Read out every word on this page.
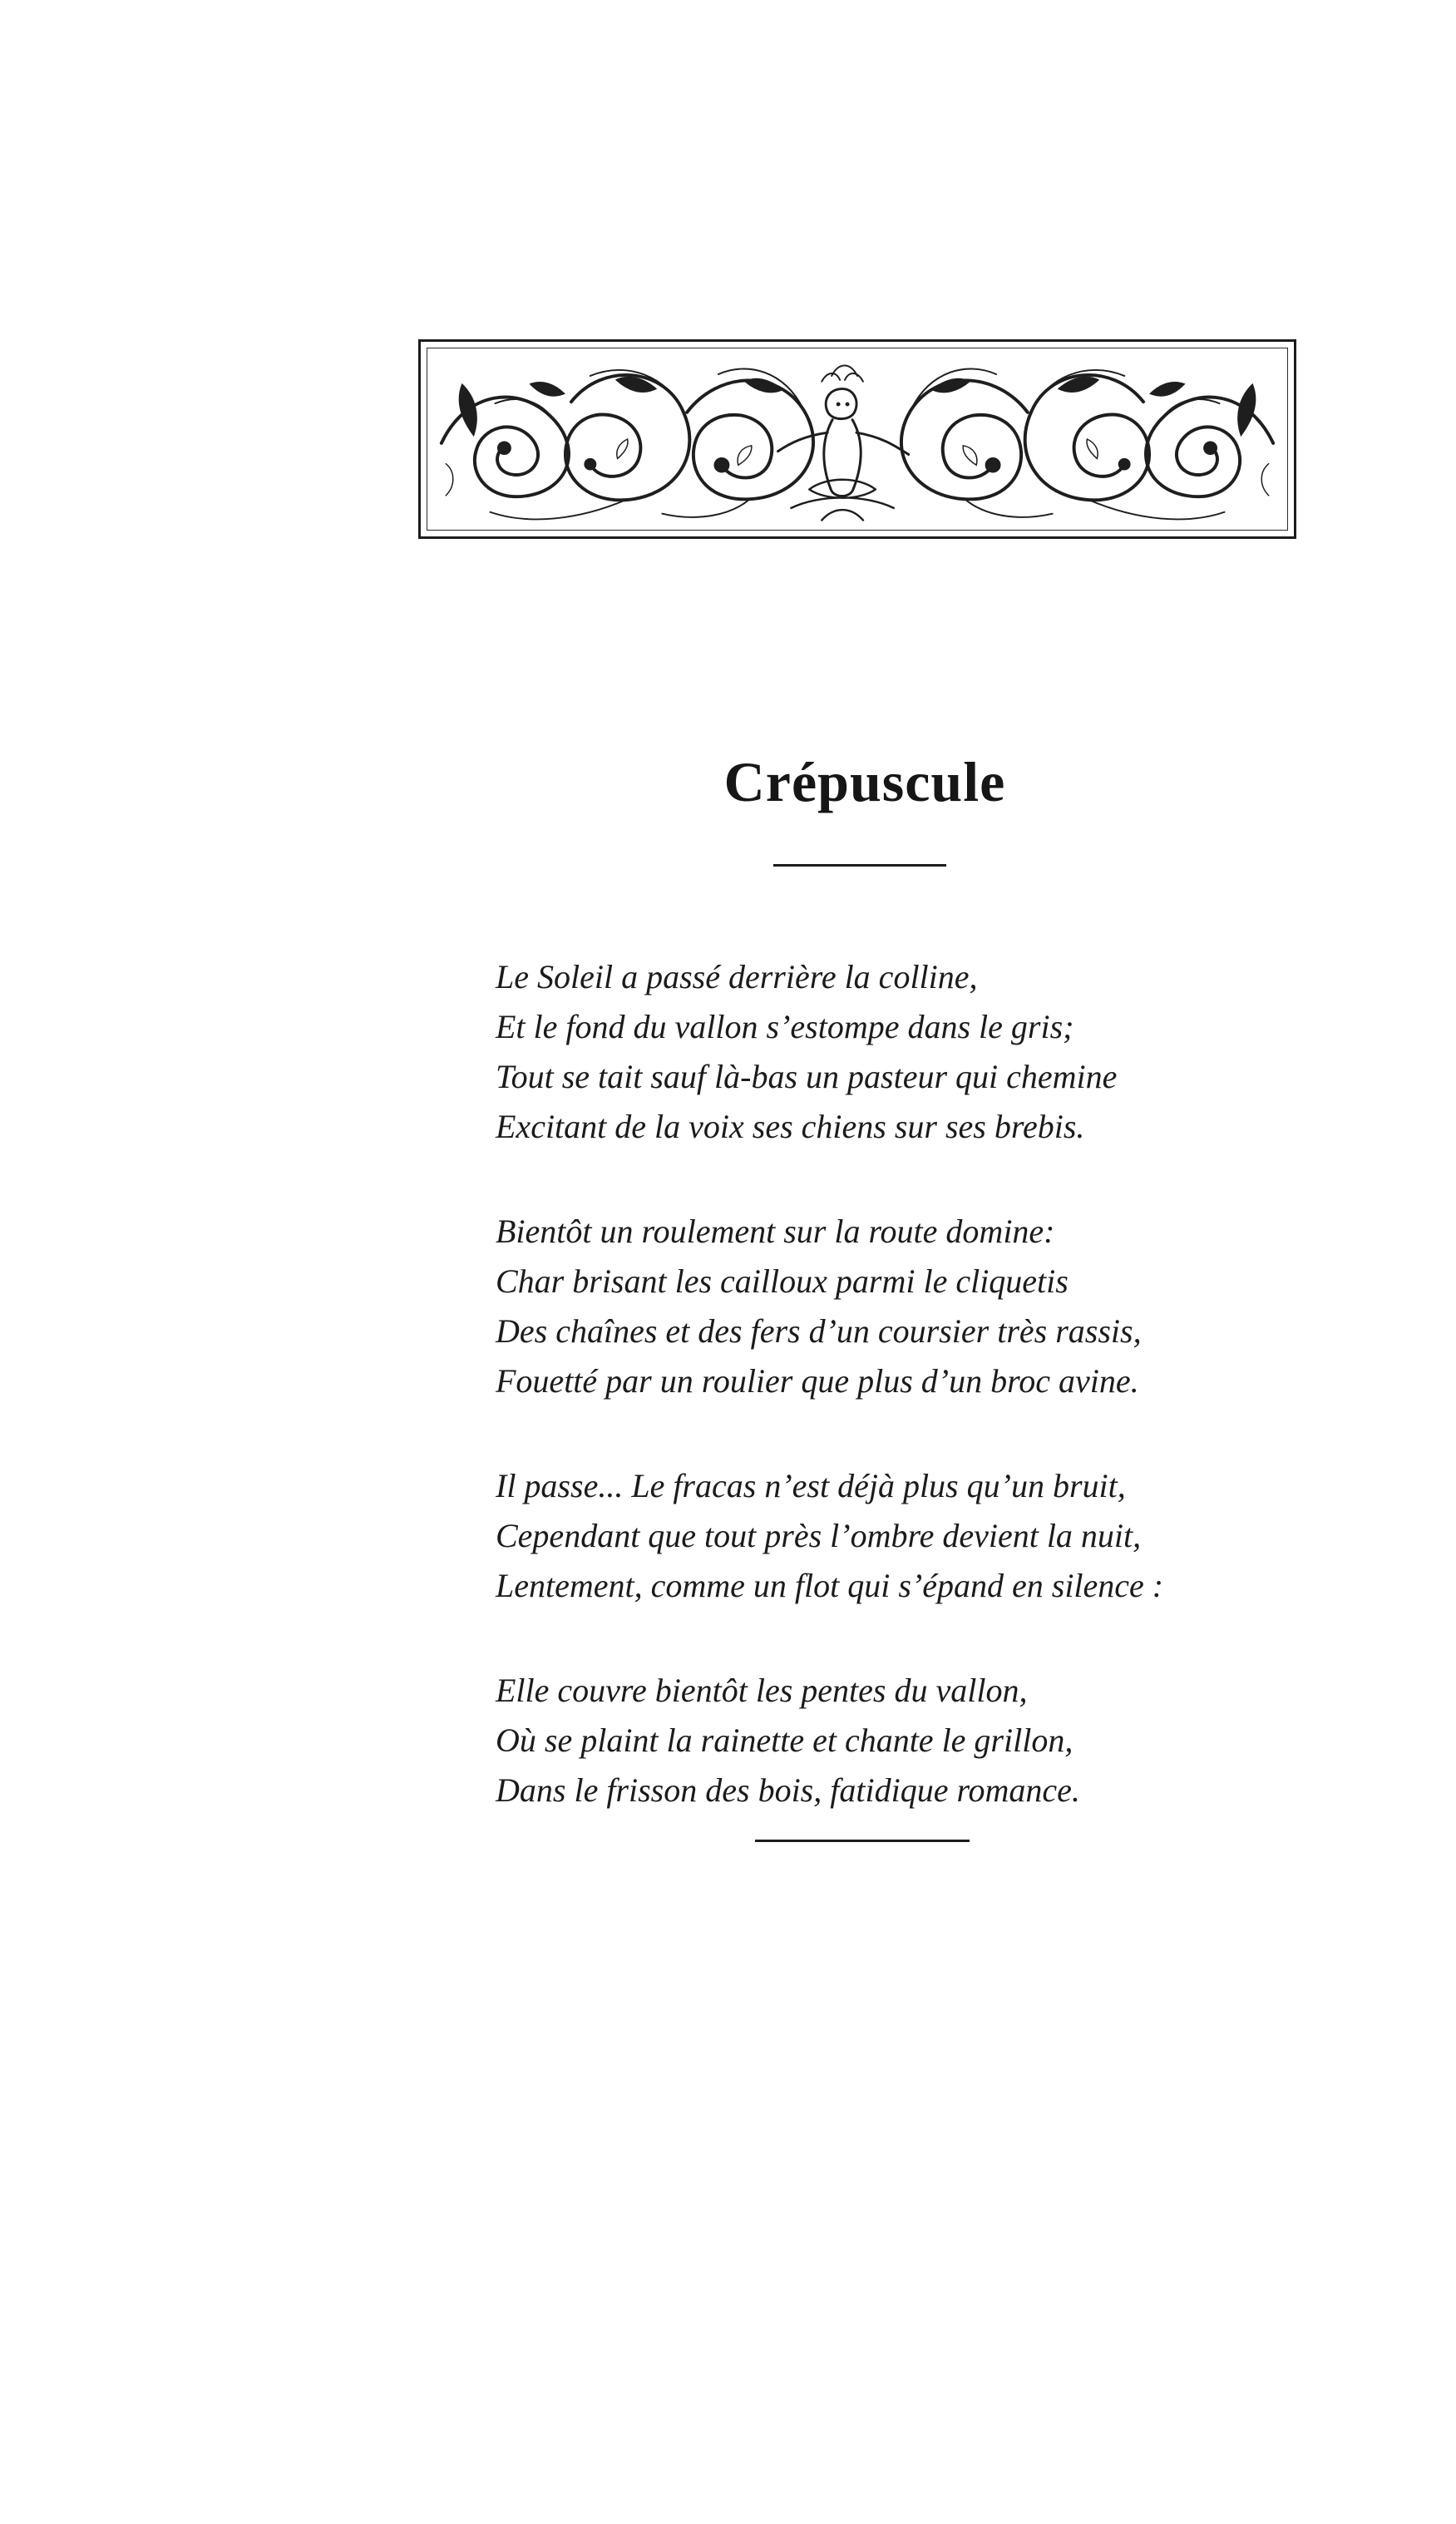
Crépuscule
Le Soleil a passé derrière la colline,
Et le fond du vallon s’estompe dans le gris;
Tout se tait sauf là-bas un pasteur qui chemine
Excitant de la voix ses chiens sur ses brebis.
Bientôt un roulement sur la route domine:
Char brisant les cailloux parmi le cliquetis
Des chaînes et des fers d’un coursier très rassis,
Fouetté par un roulier que plus d’un broc avine.
Il passe... Le fracas n’est déjà plus qu’un bruit,
Cependant que tout près l’ombre devient la nuit,
Lentement, comme un flot qui s’épand en silence :
Elle couvre bientôt les pentes du vallon,
Où se plaint la rainette et chante le grillon,
Dans le frisson des bois, fatidique romance.
